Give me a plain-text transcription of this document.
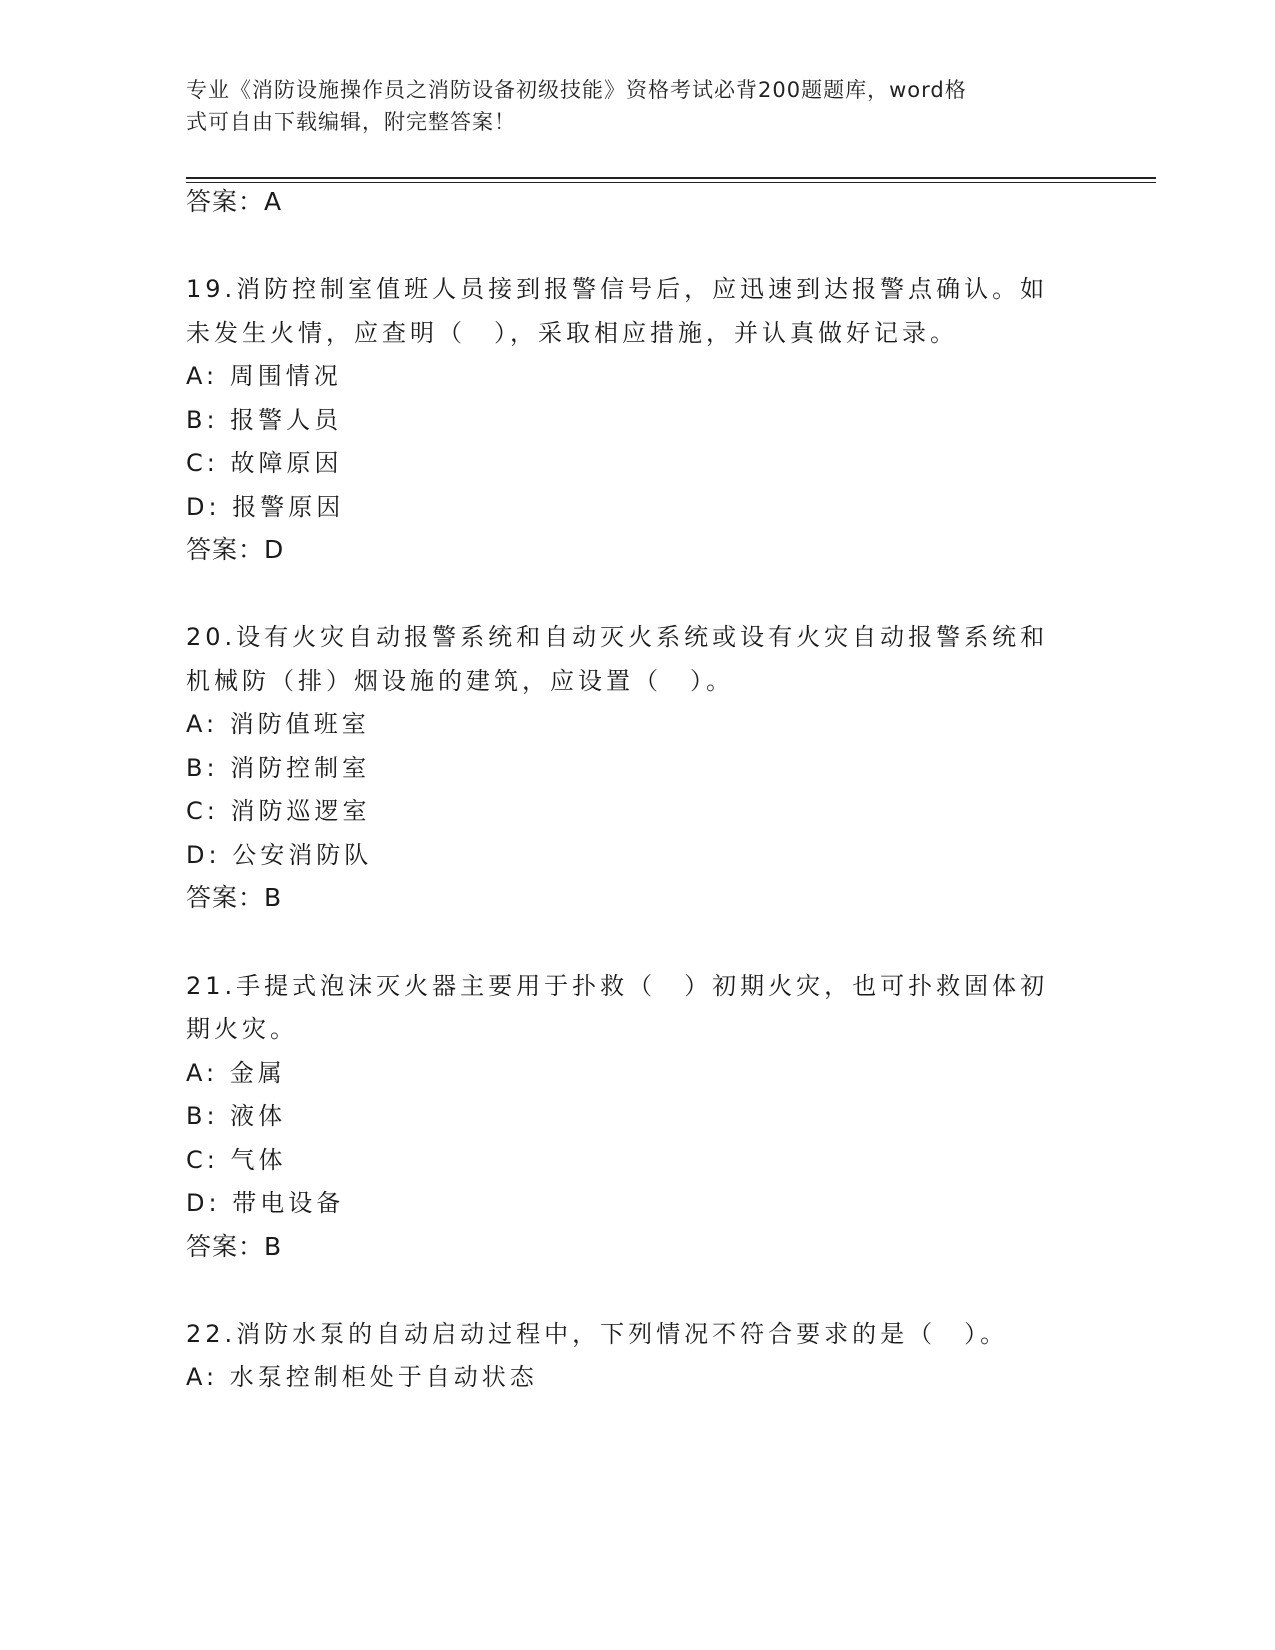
专业《消防设施操作员之消防设备初级技能》资格考试必背200题题库，word格
式可自由下载编辑，附完整答案！
答案：A
19.消防控制室值班人员接到报警信号后，应迅速到达报警点确认。如
未发生火情，应查明（　），采取相应措施，并认真做好记录。
A: 周围情况
B: 报警人员
C: 故障原因
D: 报警原因
答案：D
20.设有火灾自动报警系统和自动灭火系统或设有火灾自动报警系统和
机械防（排）烟设施的建筑，应设置（　）。
A: 消防值班室
B: 消防控制室
C: 消防巡逻室
D: 公安消防队
答案：B
21.手提式泡沫灭火器主要用于扑救（　）初期火灾，也可扑救固体初
期火灾。
A: 金属
B: 液体
C: 气体
D: 带电设备
答案：B
22.消防水泵的自动启动过程中，下列情况不符合要求的是（　）。
A: 水泵控制柜处于自动状态
